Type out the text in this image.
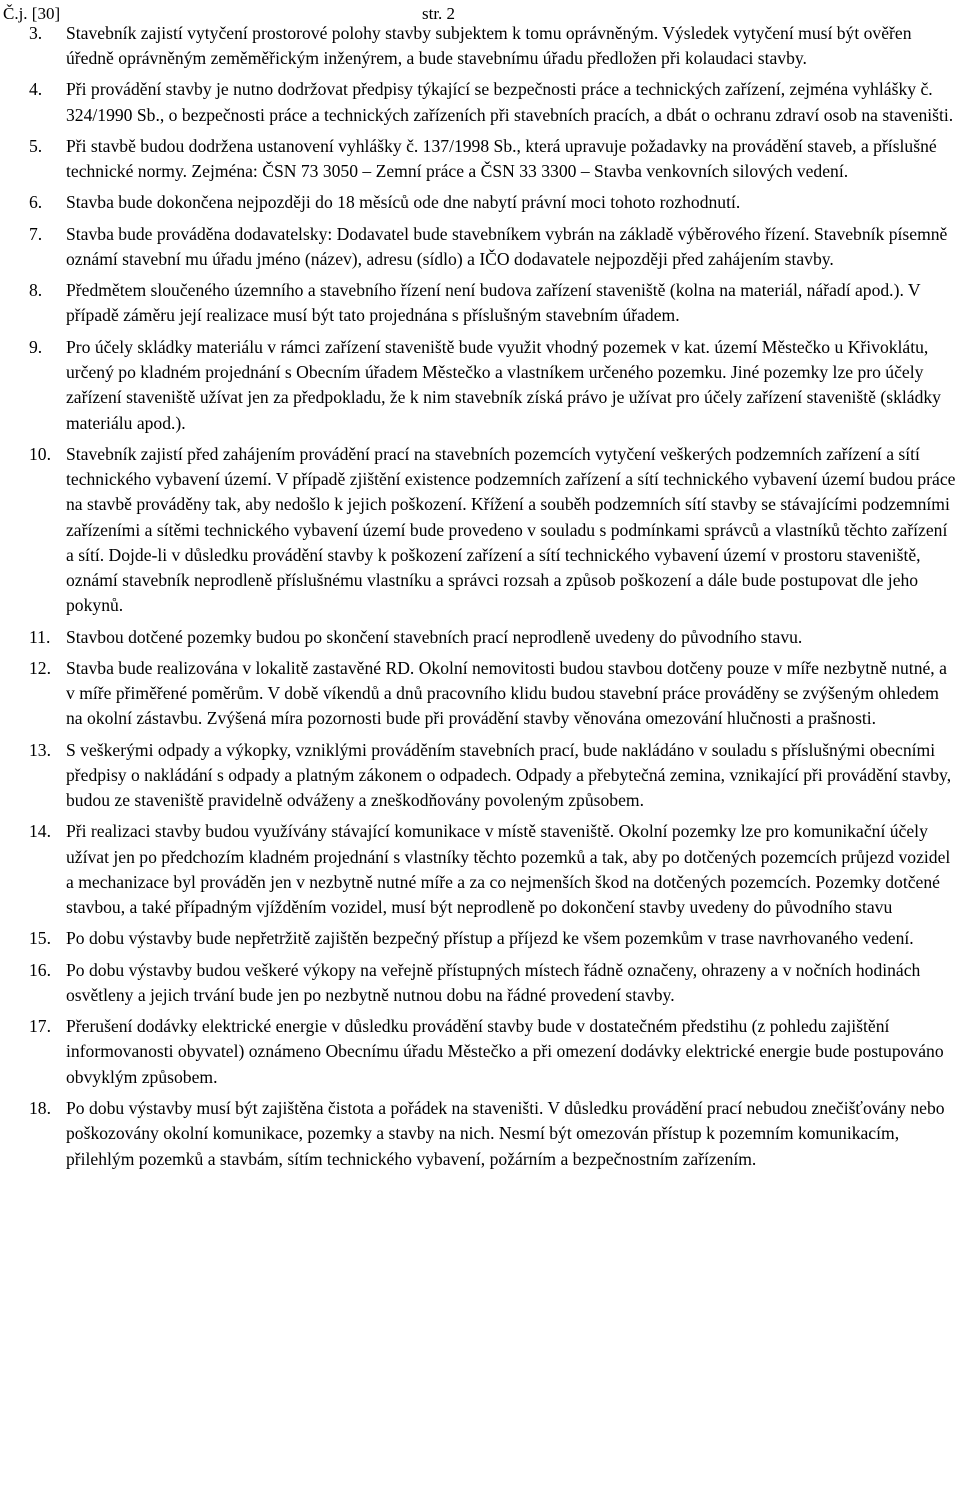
Č.j. [30]	str. 2
3.	Stavebník zajistí vytyčení prostorové polohy stavby subjektem k tomu oprávněným. Výsledek vytyčení musí být ověřen úředně oprávněným zeměměřickým inženýrem, a bude stavebnímu úřadu předložen při kolaudaci stavby.
4.	Při provádění stavby je nutno dodržovat předpisy týkající se bezpečnosti práce a technických zařízení, zejména vyhlášky č. 324/1990 Sb., o bezpečnosti práce a technických zařízeních při stavebních pracích, a dbát o ochranu zdraví osob na staveništi.
5.	Při stavbě budou dodržena ustanovení vyhlášky č. 137/1998 Sb., která upravuje požadavky na provádění staveb, a příslušné technické normy. Zejména: ČSN 73 3050 – Zemní práce a ČSN 33 3300 – Stavba venkovních silových vedení.
6.	Stavba bude dokončena nejpozději do 18 měsíců ode dne nabytí právní moci tohoto rozhodnutí.
7.	Stavba bude prováděna dodavatelsky: Dodavatel bude stavebníkem vybrán na základě výběrového řízení. Stavebník písemně oznámí stavební mu úřadu jméno (název), adresu (sídlo) a IČO dodavatele nejpozději před zahájením stavby.
8.	Předmětem sloučeného územního a stavebního řízení není budova zařízení staveniště (kolna na materiál, nářadí apod.). V případě záměru její realizace musí být tato projednána s příslušným stavebním úřadem.
9.	Pro účely skládky materiálu v rámci zařízení staveniště bude využit vhodný pozemek v kat. území Městečko u Křivoklátu, určený po kladném projednání s Obecním úřadem Městečko a vlastníkem určeného pozemku. Jiné pozemky lze pro účely zařízení staveniště užívat jen za předpokladu, že k nim stavebník získá právo je užívat pro účely zařízení staveniště (skládky materiálu apod.).
10. Stavebník zajistí před zahájením provádění prací na stavebních pozemcích vytyčení veškerých podzemních zařízení a sítí technického vybavení území. V případě zjištění existence podzemních zařízení a sítí technického vybavení území budou práce na stavbě prováděny tak, aby nedošlo k jejich poškození. Křížení a souběh podzemních sítí stavby se stávajícími podzemními zařízeními a sítěmi technického vybavení území bude provedeno v souladu s podmínkami správců a vlastníků těchto zařízení a sítí. Dojde-li v důsledku provádění stavby k poškození zařízení a sítí technického vybavení území v prostoru staveniště, oznámí stavebník neprodleně příslušnému vlastníku a správci rozsah a způsob poškození a dále bude postupovat dle jeho pokynů.
11. Stavbou dotčené pozemky budou po skončení stavebních prací neprodleně uvedeny do původního stavu.
12. Stavba bude realizována v lokalitě zastavěné RD. Okolní nemovitosti budou stavbou dotčeny pouze v míře nezbytně nutné, a v míře přiměřené poměrům. V době víkendů a dnů pracovního klidu budou stavební práce prováděny se zvýšeným ohledem na okolní zástavbu. Zvýšená míra pozornosti bude při provádění stavby věnována omezování hlučnosti a prašnosti.
13. S veškerými odpady a výkopky, vzniklými prováděním stavebních prací, bude nakládáno v souladu s příslušnými obecními předpisy o nakládání s odpady a platným zákonem o odpadech. Odpady a přebytečná zemina, vznikající při provádění stavby, budou ze staveniště pravidelně odváženy a zneškodňovány povoleným způsobem.
14. Při realizaci stavby budou využívány stávající komunikace v místě staveniště. Okolní pozemky lze pro komunikační účely užívat jen po předchozím kladném projednání s vlastníky těchto pozemků a tak, aby po dotčených pozemcích průjezd vozidel a mechanizace byl prováděn jen v nezbytně nutné míře a za co nejmenších škod na dotčených pozemcích. Pozemky dotčené stavbou, a také případným vjížděním vozidel, musí být neprodleně po dokončení stavby uvedeny do původního stavu
15. Po dobu výstavby bude nepřetržitě zajištěn bezpečný přístup a příjezd ke všem pozemkům v trase navrhovaného vedení.
16. Po dobu výstavby budou veškeré výkopy na veřejně přístupných místech řádně označeny, ohrazeny a v nočních hodinách osvětleny a jejich trvání bude jen po nezbytně nutnou dobu na řádné provedení stavby.
17. Přerušení dodávky elektrické energie v důsledku provádění stavby bude v dostatečném předstihu (z pohledu zajištění informovanosti obyvatel) oznámeno Obecnímu úřadu Městečko a při omezení dodávky elektrické energie bude postupováno obvyklým způsobem.
18. Po dobu výstavby musí být zajištěna čistota a pořádek na staveništi. V důsledku provádění prací nebudou znečišťovány nebo poškozovány okolní komunikace, pozemky a stavby na nich. Nesmí být omezován přístup k pozemním komunikacím, přilehlým pozemků a stavbám, sítím technického vybavení, požárním a bezpečnostním zařízením.
